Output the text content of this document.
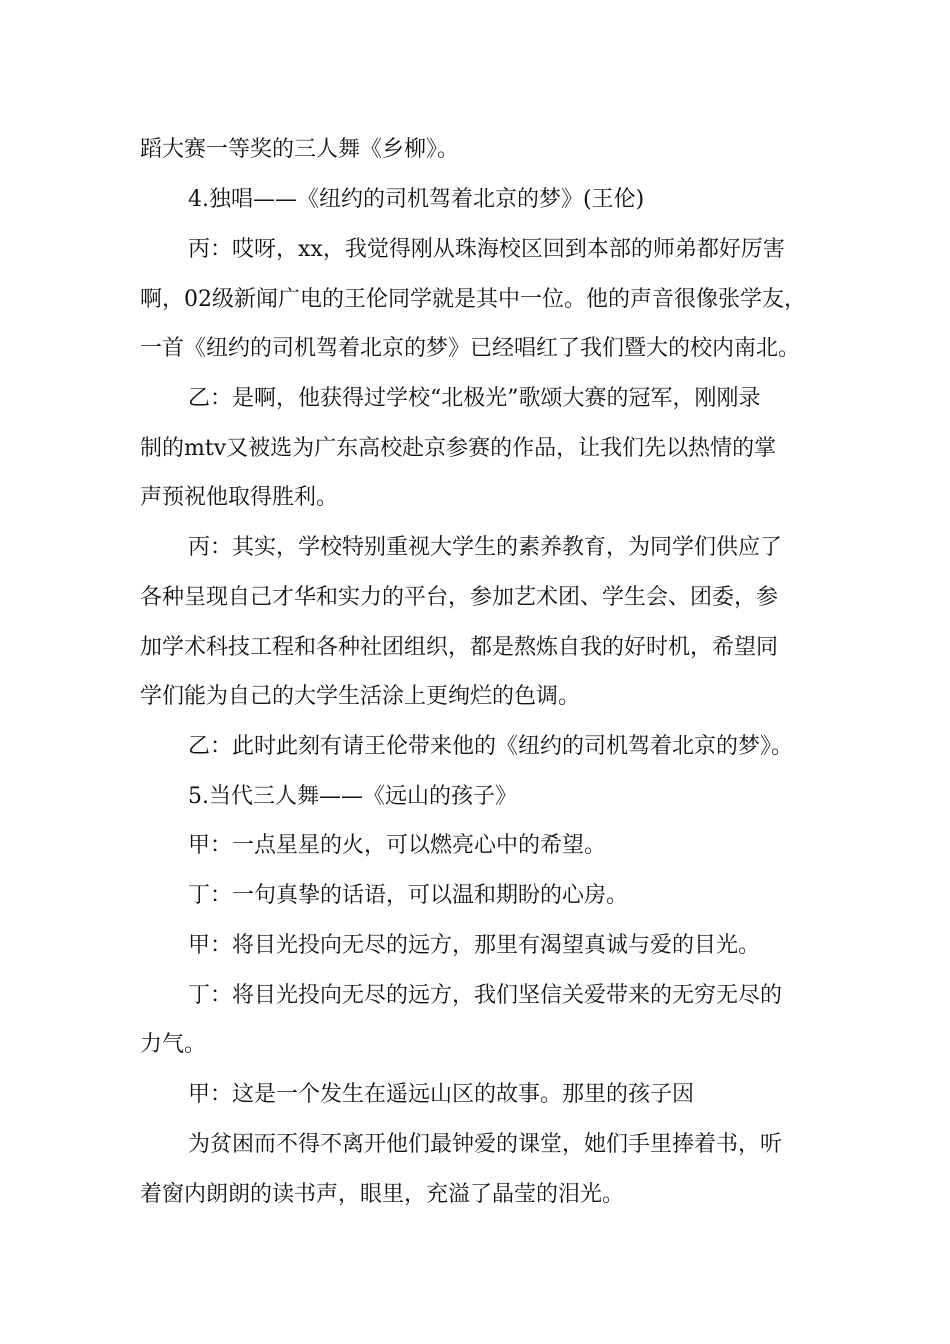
蹈大赛一等奖的三人舞《乡柳》。
4.独唱——《纽约的司机驾着北京的梦》(王伦)
丙：哎呀，xx，我觉得刚从珠海校区回到本部的师弟都好厉害
啊，02级新闻广电的王伦同学就是其中一位。他的声音很像张学友，
一首《纽约的司机驾着北京的梦》已经唱红了我们暨大的校内南北。
乙：是啊，他获得过学校“北极光”歌颂大赛的冠军，刚刚录
制的mtv又被选为广东高校赴京参赛的作品，让我们先以热情的掌
声预祝他取得胜利。
丙：其实，学校特别重视大学生的素养教育，为同学们供应了
各种呈现自己才华和实力的平台，参加艺术团、学生会、团委，参
加学术科技工程和各种社团组织，都是熬炼自我的好时机，希望同
学们能为自己的大学生活涂上更绚烂的色调。
乙：此时此刻有请王伦带来他的《纽约的司机驾着北京的梦》。
5.当代三人舞——《远山的孩子》
甲：一点星星的火，可以燃亮心中的希望。
丁：一句真挚的话语，可以温和期盼的心房。
甲：将目光投向无尽的远方，那里有渴望真诚与爱的目光。
丁：将目光投向无尽的远方，我们坚信关爱带来的无穷无尽的
力气。
甲：这是一个发生在遥远山区的故事。那里的孩子因
为贫困而不得不离开他们最钟爱的课堂，她们手里捧着书，听
着窗内朗朗的读书声，眼里，充溢了晶莹的泪光。
